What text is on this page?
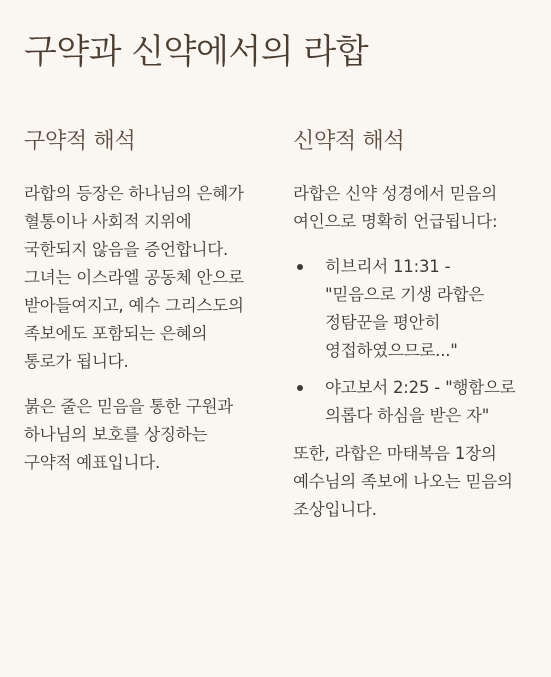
구약과 신약에서의 라합
구약적 해석

라합의 등장은 하나님의 은혜가 혈통이나 사회적 지위에 국한되지 않음을 증언합니다. 그녀는 이스라엘 공동체 안으로 받아들여지고, 예수 그리스도의 족보에도 포함되는 은혜의 통로가 됩니다.

붉은 줄은 믿음을 통한 구원과 하나님의 보호를 상징하는 구약적 예표입니다.

신약적 해석

라합은 신약 성경에서 믿음의 여인으로 명확히 언급됩니다:

히브리서 11:31 - "믿음으로 기생 라합은 정탐꾼을 평안히 영접하였으므로..."
야고보서 2:25 - "행함으로 의롭다 하심을 받은 자"

또한, 라합은 마태복음 1장의 예수님의 족보에 나오는 믿음의 조상입니다.
